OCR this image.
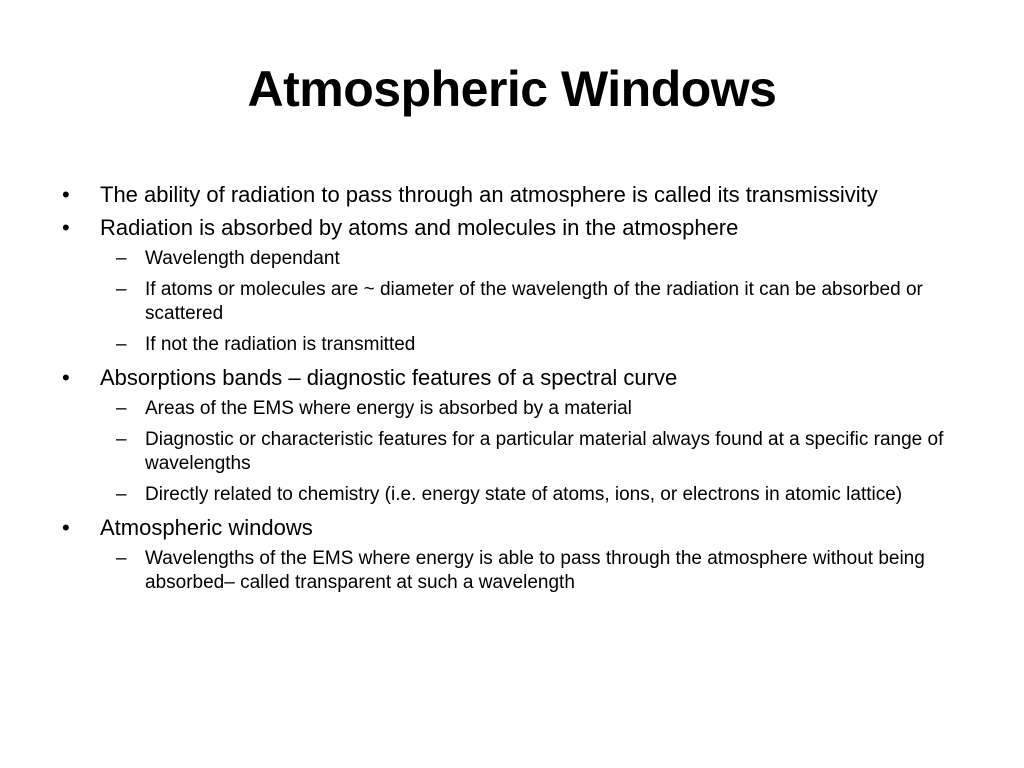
Atmospheric Windows
• The ability of radiation to pass through an atmosphere is called its transmissivity
• Radiation is absorbed by atoms and molecules in the atmosphere
– Wavelength dependant
– If atoms or molecules are ~ diameter of the wavelength of the radiation it can be absorbed or scattered
– If not the radiation is transmitted
• Absorptions bands – diagnostic features of a spectral curve
– Areas of the EMS where energy is absorbed by a material
– Diagnostic or characteristic features for a particular material always found at a specific range of wavelengths
– Directly related to chemistry (i.e. energy state of atoms, ions, or electrons in atomic lattice)
• Atmospheric windows
– Wavelengths of the EMS where energy is able to pass through the atmosphere without being absorbed– called transparent at such a wavelength
